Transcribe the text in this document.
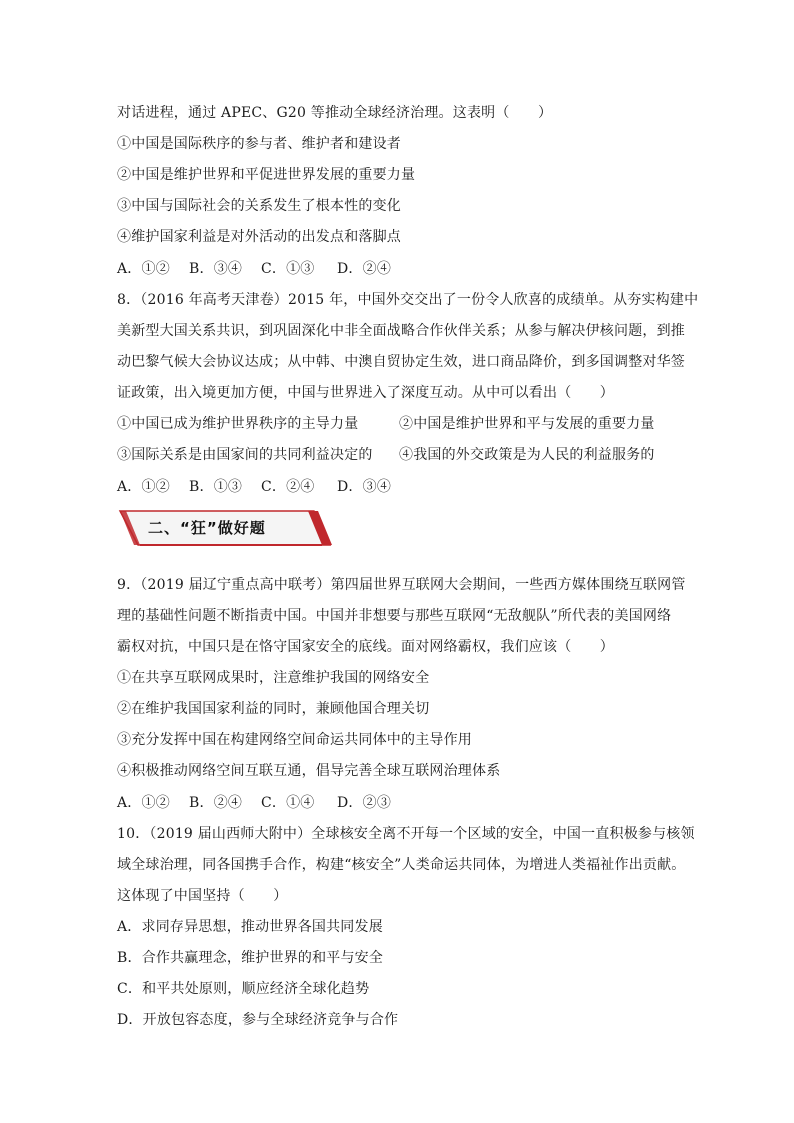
对话进程，通过 APEC、G20 等推动全球经济治理。这表明（　　）
①中国是国际秩序的参与者、维护者和建设者
②中国是维护世界和平促进世界发展的重要力量
③中国与国际社会的关系发生了根本性的变化
④维护国家利益是对外活动的出发点和落脚点
A．①② B．③④ C．①③ D．②④
8．（2016 年高考天津卷）2015 年，中国外交交出了一份令人欣喜的成绩单。从夯实构建中
美新型大国关系共识，到巩固深化中非全面战略合作伙伴关系；从参与解决伊核问题，到推
动巴黎气候大会协议达成；从中韩、中澳自贸协定生效，进口商品降价，到多国调整对华签
证政策，出入境更加方便，中国与世界进入了深度互动。从中可以看出（　　）
①中国已成为维护世界秩序的主导力量	②中国是维护世界和平与发展的重要力量
③国际关系是由国家间的共同利益决定的 ④我国的外交政策是为人民的利益服务的
A．①② B．①③ C．②④ D．③④
二、“狂”做好题
9．（2019 届辽宁重点高中联考）第四届世界互联网大会期间，一些西方媒体围绕互联网管
理的基础性问题不断指责中国。中国并非想要与那些互联网“无敌舰队”所代表的美国网络
霸权对抗，中国只是在恪守国家安全的底线。面对网络霸权，我们应该（　　）
①在共享互联网成果时，注意维护我国的网络安全
②在维护我国国家利益的同时，兼顾他国合理关切
③充分发挥中国在构建网络空间命运共同体中的主导作用
④积极推动网络空间互联互通，倡导完善全球互联网治理体系
A．①② B．②④ C．①④ D．②③
10．（2019 届山西师大附中）全球核安全离不开每一个区域的安全，中国一直积极参与核领
域全球治理，同各国携手合作，构建“核安全”人类命运共同体，为增进人类福祉作出贡献。
这体现了中国坚持（　　）
A．求同存异思想，推动世界各国共同发展
B．合作共赢理念，维护世界的和平与安全
C．和平共处原则，顺应经济全球化趋势
D．开放包容态度，参与全球经济竞争与合作
